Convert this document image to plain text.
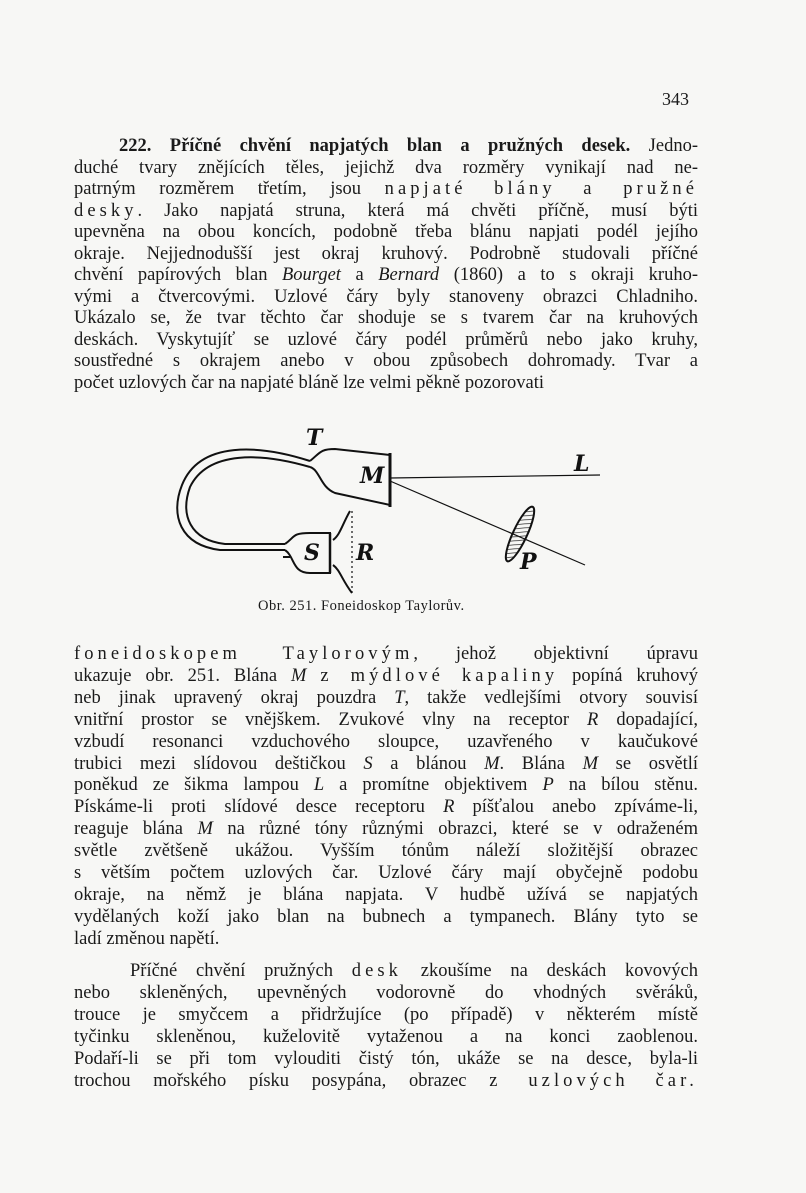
343
222. Příčné chvění napjatých blan a pružných desek. Jedno-
duché tvary znějících těles, jejichž dva rozměry vynikají nad ne-
patrným rozměrem třetím, jsou napjaté blány a pružné
desky. Jako napjatá struna, která má chvěti příčně, musí býti
upevněna na obou koncích, podobně třeba blánu napjati podél jejího
okraje. Nejjednodušší jest okraj kruhový. Podrobně studovali příčné
chvění papírových blan Bourget a Bernard (1860) a to s okraji kruho-
vými a čtvercovými. Uzlové čáry byly stanoveny obrazci Chladniho.
Ukázalo se, že tvar těchto čar shoduje se s tvarem čar na kruhových
deskách. Vyskytujíť se uzlové čáry podél průměrů nebo jako kruhy,
soustředné s okrajem anebo v obou způsobech dohromady. Tvar a
počet uzlových čar na napjaté bláně lze velmi pěkně pozorovati
T
M	L
S R	P
Obr. 251. Foneidoskop Taylorův.
foneidoskopem Taylorovým, jehož objektivní úpravu
ukazuje obr. 251. Blána M z mýdlové kapaliny popíná kruhový
neb jinak upravený okraj pouzdra T, takže vedlejšími otvory souvisí
vnitřní prostor se vnějškem. Zvukové vlny na receptor R dopadající,
vzbudí resonanci vzduchového sloupce, uzavřeného v kaučukové
trubici mezi slídovou deštičkou S a blánou M. Blána M se osvětlí
poněkud ze šikma lampou L a promítne objektivem P na bílou stěnu.
Pískáme-li proti slídové desce receptoru R píšťalou anebo zpíváme-li,
reaguje blána M na různé tóny různými obrazci, které se v odraženém
světle zvětšeně ukážou. Vyšším tónům náleží složitější obrazec
s větším počtem uzlových čar. Uzlové čáry mají obyčejně podobu
okraje, na němž je blána napjata. V hudbě užívá se napjatých
vydělaných koží jako blan na bubnech a tympanech. Blány tyto se
ladí změnou napětí.
Příčné chvění pružných desk zkoušíme na deskách kovových
nebo skleněných, upevněných vodorovně do vhodných svěráků,
trouce je smyčcem a přidržujíce (po případě) v některém místě
tyčinku skleněnou, kuželovitě vytaženou a na konci zaoblenou.
Podaří-li se při tom vylouditi čistý tón, ukáže se na desce, byla-li
trochou mořského písku posypána, obrazec z uzlových čar.
